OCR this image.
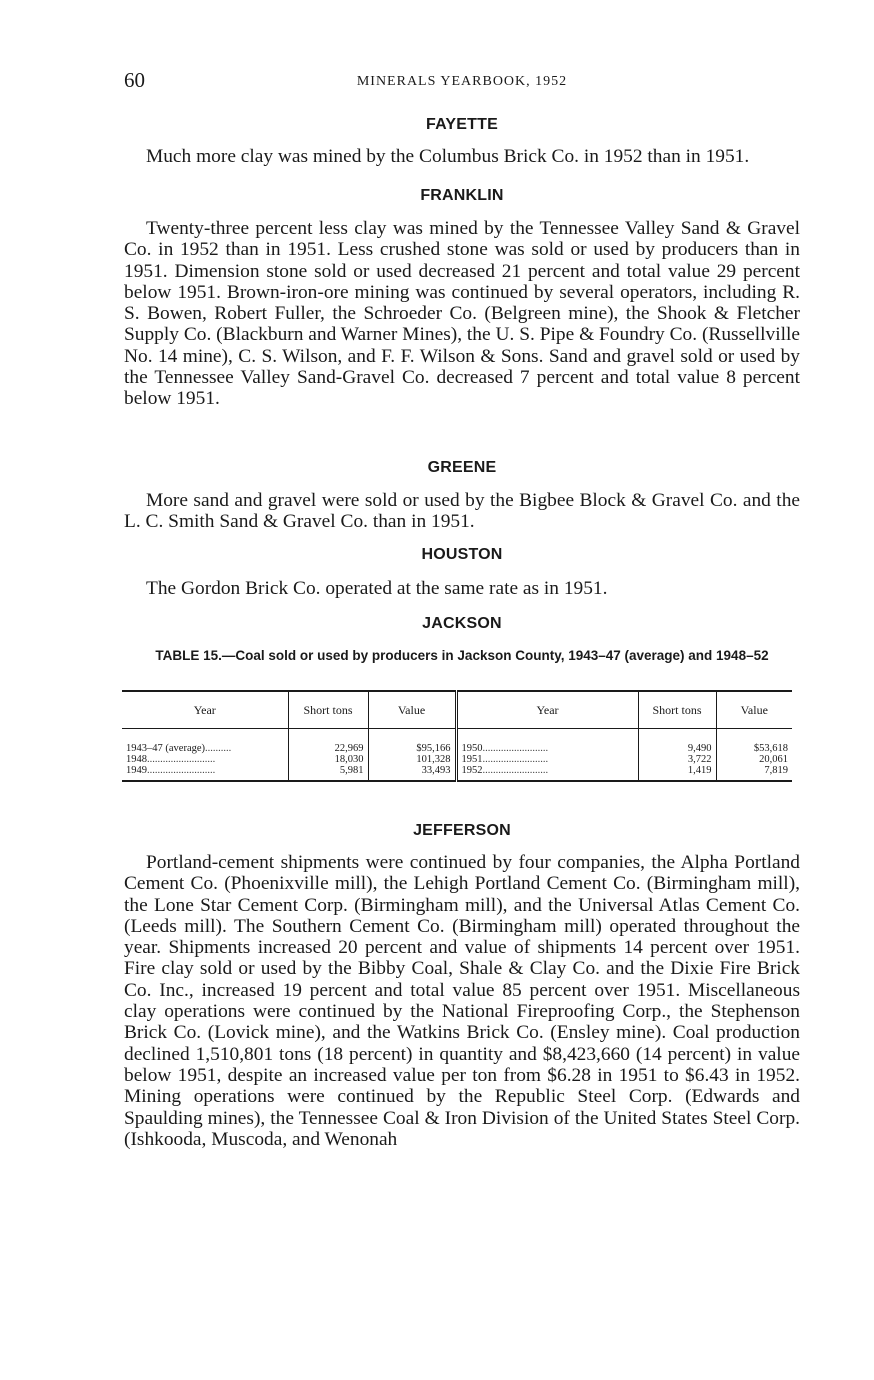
60	MINERALS YEARBOOK, 1952
FAYETTE

Much more clay was mined by the Columbus Brick Co. in 1952 than in 1951.

FRANKLIN

Twenty-three percent less clay was mined by the Tennessee Valley Sand & Gravel Co. in 1952 than in 1951. Less crushed stone was sold or used by producers than in 1951. Dimension stone sold or used decreased 21 percent and total value 29 percent below 1951. Brown-iron-ore mining was continued by several operators, including R. S. Bowen, Robert Fuller, the Schroeder Co. (Belgreen mine), the Shook & Fletcher Supply Co. (Blackburn and Warner Mines), the U. S. Pipe & Foundry Co. (Russellville No. 14 mine), C. S. Wilson, and F. F. Wilson & Sons. Sand and gravel sold or used by the Tennessee Valley Sand-Gravel Co. decreased 7 percent and total value 8 percent below 1951.

GREENE

More sand and gravel were sold or used by the Bigbee Block & Gravel Co. and the L. C. Smith Sand & Gravel Co. than in 1951.

HOUSTON

The Gordon Brick Co. operated at the same rate as in 1951.

JACKSON
TABLE 15.—Coal sold or used by producers in Jackson County, 1943–47 (average) and 1948–52
Year	Short tons	Value	Year	Short tons	Value
1943–47 (average)..........	22,969	$95,166	1950.........................	9,490	$53,618
1948..........................	18,030	101,328	1951.........................	3,722	20,061
1949..........................	5,981	33,493	1952.........................	1,419	7,819
JEFFERSON

Portland-cement shipments were continued by four companies, the Alpha Portland Cement Co. (Phoenixville mill), the Lehigh Portland Cement Co. (Birmingham mill), the Lone Star Cement Corp. (Birmingham mill), and the Universal Atlas Cement Co. (Leeds mill). The Southern Cement Co. (Birmingham mill) operated throughout the year. Shipments increased 20 percent and value of shipments 14 percent over 1951. Fire clay sold or used by the Bibby Coal, Shale & Clay Co. and the Dixie Fire Brick Co. Inc., increased 19 percent and total value 85 percent over 1951. Miscellaneous clay operations were continued by the National Fireproofing Corp., the Stephenson Brick Co. (Lovick mine), and the Watkins Brick Co. (Ensley mine). Coal production declined 1,510,801 tons (18 percent) in quantity and $8,423,660 (14 percent) in value below 1951, despite an increased value per ton from $6.28 in 1951 to $6.43 in 1952. Mining operations were continued by the Republic Steel Corp. (Edwards and Spaulding mines), the Tennessee Coal & Iron Division of the United States Steel Corp. (Ishkooda, Muscoda, and Wenonah
